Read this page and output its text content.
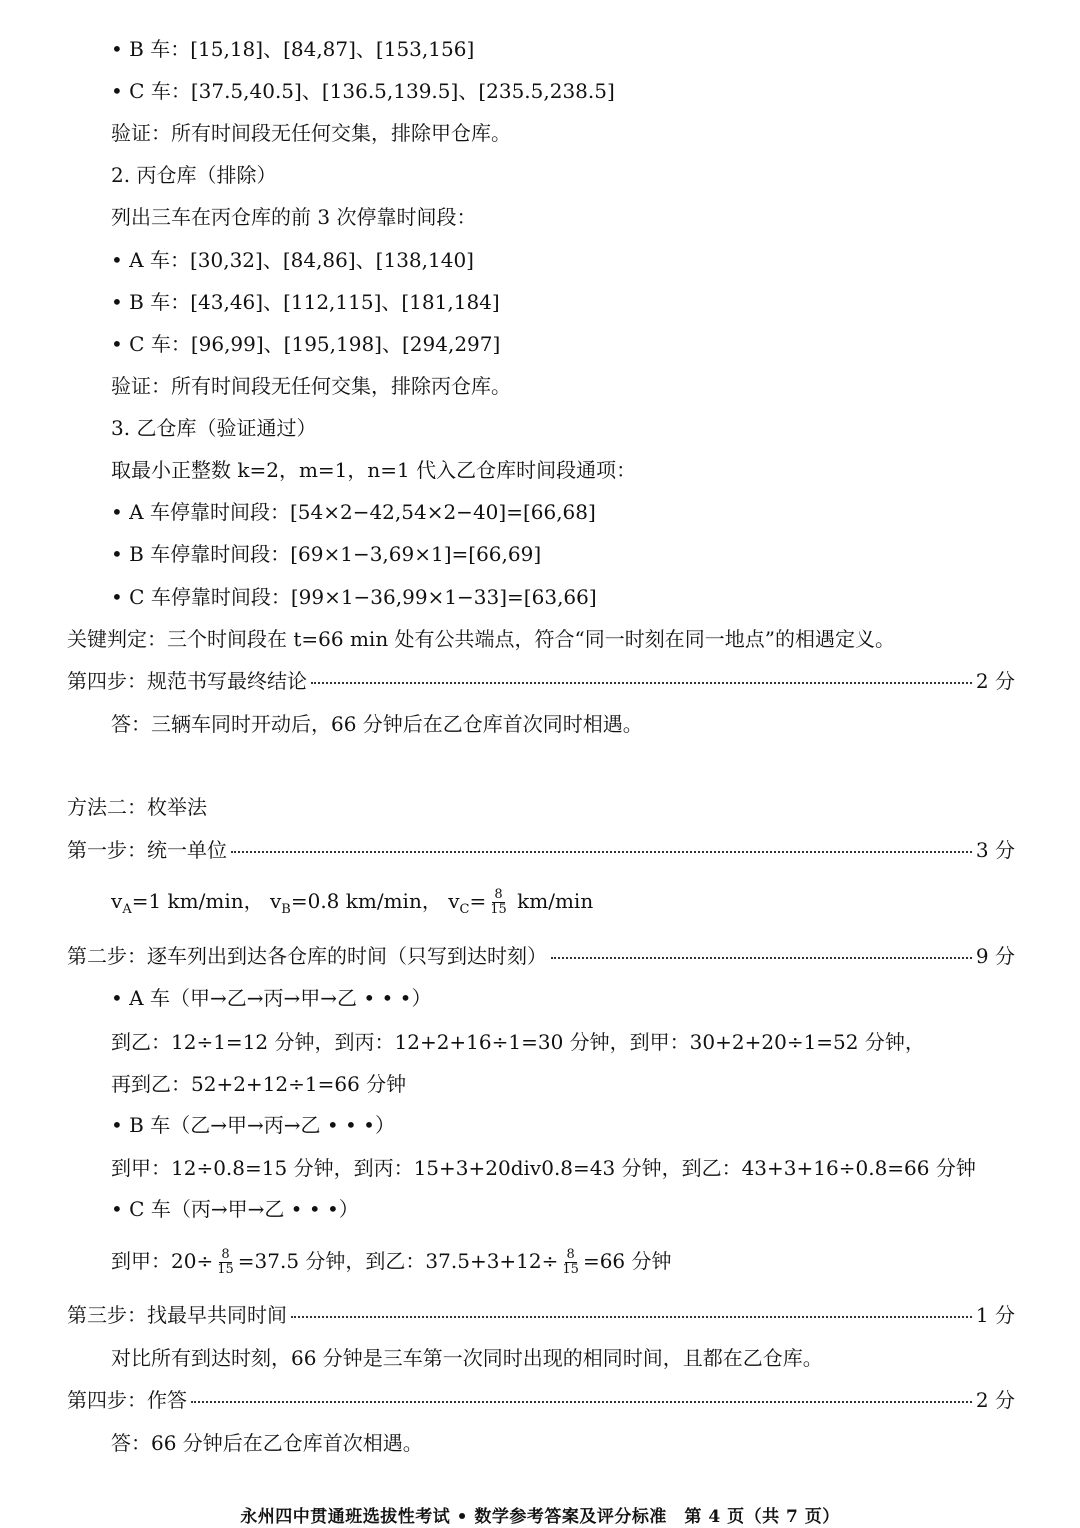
• B 车：[15,18]、[84,87]、[153,156]
• C 车：[37.5,40.5]、[136.5,139.5]、[235.5,238.5]
验证：所有时间段无任何交集，排除甲仓库。
2. 丙仓库（排除）
列出三车在丙仓库的前 3 次停靠时间段：
• A 车：[30,32]、[84,86]、[138,140]
• B 车：[43,46]、[112,115]、[181,184]
• C 车：[96,99]、[195,198]、[294,297]
验证：所有时间段无任何交集，排除丙仓库。
3. 乙仓库（验证通过）
取最小正整数 k=2，m=1，n=1 代入乙仓库时间段通项：
• A 车停靠时间段：[54×2−42,54×2−40]=[66,68]
• B 车停靠时间段：[69×1−3,69×1]=[66,69]
• C 车停靠时间段：[99×1−36,99×1−33]=[63,66]
关键判定：三个时间段在 t=66 min 处有公共端点，符合“同一时刻在同一地点”的相遇定义。
第四步：规范书写最终结论	2 分
答：三辆车同时开动后，66 分钟后在乙仓库首次同时相遇。
方法二：枚举法
第一步：统一单位	3 分
$v_A=1$ km/min， $v_B=0.8$ km/min， $v_C= \frac{8}{15} km/\min$
第二步：逐车列出到达各仓库的时间（只写到达时刻）	9 分
• A 车（甲→乙→丙→甲→乙 • • •）
到乙：12÷1=12 分钟，到丙：12+2+16÷1=30 分钟，到甲：30+2+20÷1=52 分钟，
再到乙：52+2+12÷1=66 分钟
• B 车（乙→甲→丙→乙 • • •）
到甲：12÷0.8=15 分钟，到丙：15+3+20div0.8=43 分钟，到乙：43+3+16÷0.8=66 分钟
• C 车（丙→甲→乙 • • •）
到甲：$20\div \frac{8}{15} =37.5$ 分钟，到乙：$37.5+3+12\div \frac{8}{15} =66$ 分钟
第三步：找最早共同时间	1 分
对比所有到达时刻，66 分钟是三车第一次同时出现的相同时间，且都在乙仓库。
第四步：作答	2 分
答：66 分钟后在乙仓库首次相遇。
永州四中贯通班选拔性考试 • 数学参考答案及评分标准　第 4 页（共 7 页）
